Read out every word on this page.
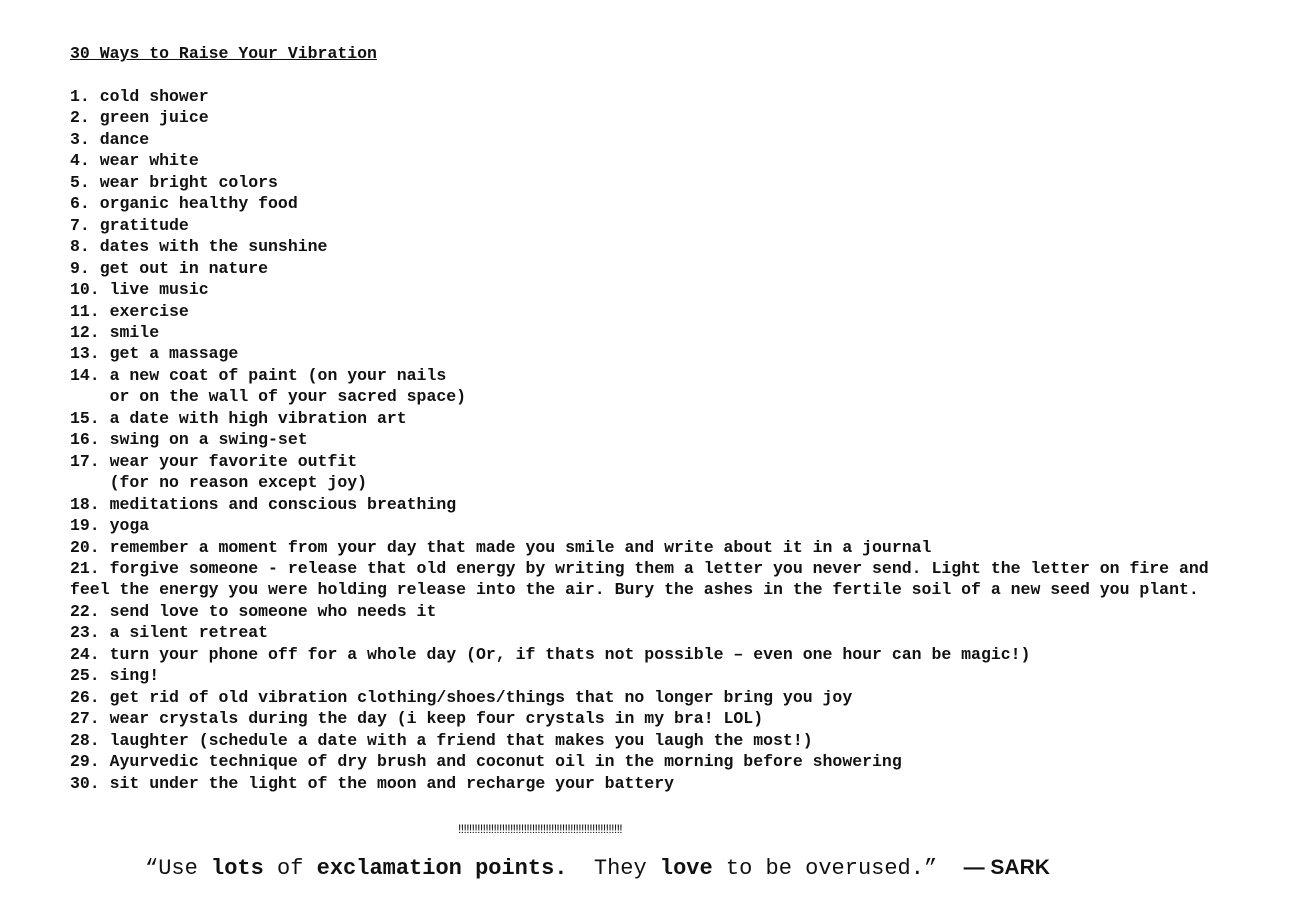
30 Ways to Raise Your Vibration
1. cold shower
2. green juice
3. dance
4. wear white
5. wear bright colors
6. organic healthy food
7. gratitude
8. dates with the sunshine
9. get out in nature
10. live music
11. exercise
12. smile
13. get a massage
14. a new coat of paint (on your nails
or on the wall of your sacred space)
15. a date with high vibration art
16. swing on a swing-set
17. wear your favorite outfit
(for no reason except joy)
18. meditations and conscious breathing
19. yoga
20. remember a moment from your day that made you smile and write about it in a journal
21. forgive someone - release that old energy by writing them a letter you never send. Light the letter on fire and feel the energy you were holding release into the air. Bury the ashes in the fertile soil of a new seed you plant.
22. send love to someone who needs it
23. a silent retreat
24. turn your phone off for a whole day (Or, if thats not possible – even one hour can be magic!)
25. sing!
26. get rid of old vibration clothing/shoes/things that no longer bring you joy
27. wear crystals during the day (i keep four crystals in my bra! LOL)
28. laughter (schedule a date with a friend that makes you laugh the most!)
29. Ayurvedic technique of dry brush and coconut oil in the morning before showering
30. sit under the light of the moon and recharge your battery
!!!!!!!!!!!!!!!!!!!!!!!!!!!!!!!!!!!!!!!!!!!!!!!!!!!!!!!!!!!!
“Use lots of exclamation points.  They love to be overused.”  — SARK
